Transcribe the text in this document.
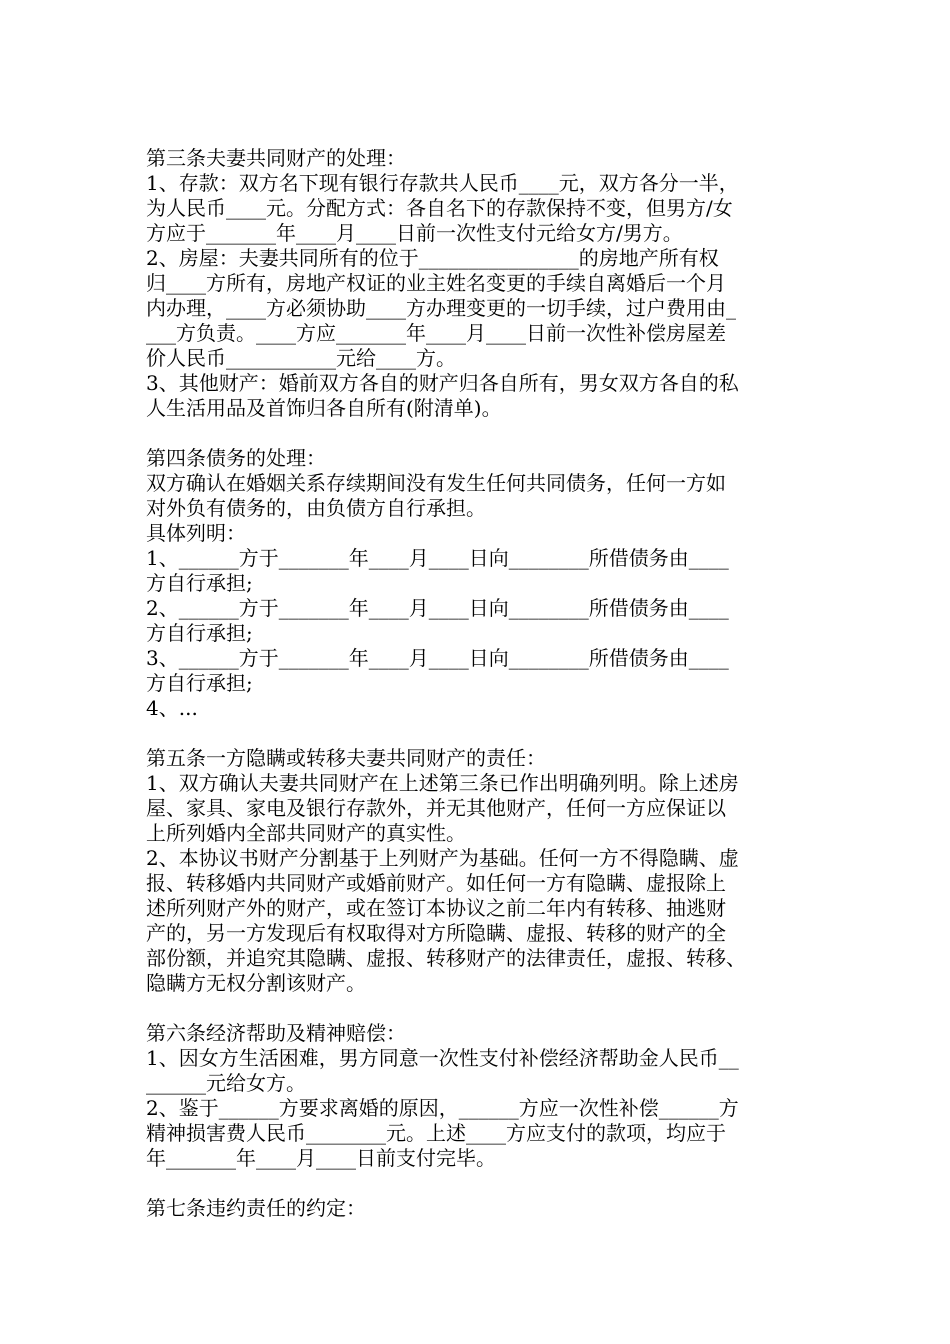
第三条夫妻共同财产的处理：
1、存款：双方名下现有银行存款共人民币____元，双方各分一半，
为人民币____元。分配方式：各自名下的存款保持不变，但男方/女
方应于_______年____月____日前一次性支付元给女方/男方。
2、房屋：夫妻共同所有的位于________________的房地产所有权
归____方所有，房地产权证的业主姓名变更的手续自离婚后一个月
内办理，____方必须协助____方办理变更的一切手续，过户费用由_
___方负责。____方应_______年____月____日前一次性补偿房屋差
价人民币___________元给____方。
3、其他财产：婚前双方各自的财产归各自所有，男女双方各自的私
人生活用品及首饰归各自所有(附清单)。
第四条债务的处理：
双方确认在婚姻关系存续期间没有发生任何共同债务，任何一方如
对外负有债务的，由负债方自行承担。
具体列明：
1、______方于_______年____月____日向________所借债务由____
方自行承担;
2、______方于_______年____月____日向________所借债务由____
方自行承担;
3、______方于_______年____月____日向________所借债务由____
方自行承担;
4、...
第五条一方隐瞒或转移夫妻共同财产的责任：
1、双方确认夫妻共同财产在上述第三条已作出明确列明。除上述房
屋、家具、家电及银行存款外，并无其他财产，任何一方应保证以
上所列婚内全部共同财产的真实性。
2、本协议书财产分割基于上列财产为基础。任何一方不得隐瞒、虚
报、转移婚内共同财产或婚前财产。如任何一方有隐瞒、虚报除上
述所列财产外的财产，或在签订本协议之前二年内有转移、抽逃财
产的，另一方发现后有权取得对方所隐瞒、虚报、转移的财产的全
部份额，并追究其隐瞒、虚报、转移财产的法律责任，虚报、转移、
隐瞒方无权分割该财产。
第六条经济帮助及精神赔偿：
1、因女方生活困难，男方同意一次性支付补偿经济帮助金人民币__
______元给女方。
2、鉴于______方要求离婚的原因，______方应一次性补偿______方
精神损害费人民币________元。上述____方应支付的款项，均应于
年_______年____月____日前支付完毕。
第七条违约责任的约定：
